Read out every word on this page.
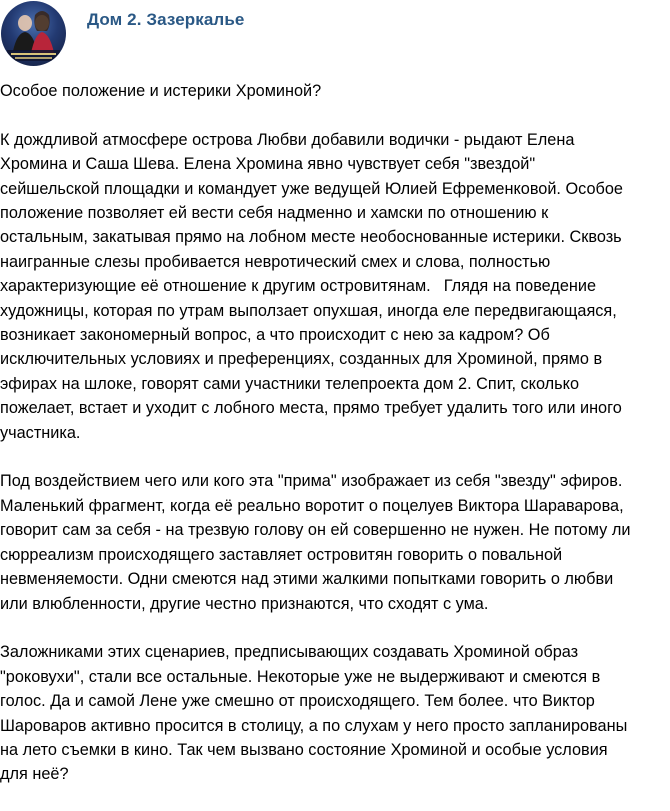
Дом 2. Зазеркалье

Особое положение и истерики Хроминой?

К дождливой атмосфере острова Любви добавили водички - рыдают Елена
Хромина и Саша Шева. Елена Хромина явно чувствует себя "звездой"
сейшельской площадки и командует уже ведущей Юлией Ефременковой. Особое
положение позволяет ей вести себя надменно и хамски по отношению к
остальным, закатывая прямо на лобном месте необоснованные истерики. Сквозь
наигранные слезы пробивается невротический смех и слова, полностью
характеризующие её отношение к другим островитянам.Глядя на поведение
художницы, которая по утрам выползает опухшая, иногда еле передвигающаяся,
возникает закономерный вопрос, а что происходит с нею за кадром? Об
исключительных условиях и преференциях, созданных для Хроминой, прямо в
эфирах на шлоке, говорят сами участники телепроекта дом 2. Спит, сколько
пожелает, встает и уходит с лобного места, прямо требует удалить того или иного
участника.

Под воздействием чего или кого эта "прима" изображает из себя "звезду" эфиров.
Маленький фрагмент, когда её реально воротит о поцелуев Виктора Шараварова,
говорит сам за себя - на трезвую голову он ей совершенно не нужен. Не потому ли
сюрреализм происходящего заставляет островитян говорить о повальной
невменяемости. Одни смеются над этими жалкими попытками говорить о любви
или влюбленности, другие честно признаются, что сходят с ума.

Заложниками этих сценариев, предписывающих создавать Хроминой образ
"роковухи", стали все остальные. Некоторые уже не выдерживают и смеются в
голос. Да и самой Лене уже смешно от происходящего. Тем более. что Виктор
Шароваров активно просится в столицу, а по слухам у него просто запланированы
на лето съемки в кино. Так чем вызвано состояние Хроминой и особые условия
для неё?
